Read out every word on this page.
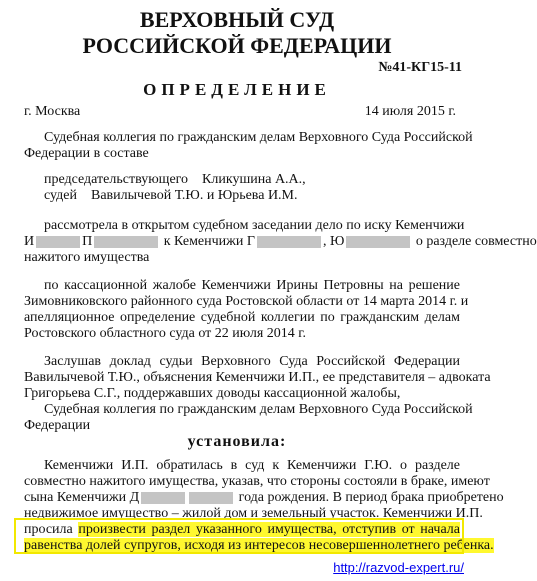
ВЕРХОВНЫЙ СУД
РОССИЙСКОЙ ФЕДЕРАЦИИ
№41-КГ15-11
ОПРЕДЕЛЕНИЕ
г. Москва	14 июля 2015 г.
Судебная коллегия по гражданским делам Верховного Суда Российской
Федерации в составе
председательствующего    Кликушина А.А.,
судей    Вавилычевой Т.Ю. и Юрьева И.М.
рассмотрела в открытом судебном заседании дело по иску Кеменчижи
И	П	к Кеменчижи Г	, Ю	о разделе совместно
нажитого имущества
по кассационной жалобе Кеменчижи Ирины Петровны на решение
Зимовниковского районного суда Ростовской области от 14 марта 2014 г. и
апелляционное определение судебной коллегии по гражданским делам
Ростовского областного суда от 22 июля 2014 г.
Заслушав доклад судьи Верховного Суда Российской Федерации
Вавилычевой Т.Ю., объяснения Кеменчижи И.П., ее представителя – адвоката
Григорьева С.Г., поддержавших доводы кассационной жалобы,
Судебная коллегия по гражданским делам Верховного Суда Российской
Федерации
установила:
Кеменчижи И.П. обратилась в суд к Кеменчижи Г.Ю. о разделе
совместно нажитого имущества, указав, что стороны состояли в браке, имеют
сына Кеменчижи Д	года рождения. В период брака приобретено
недвижимое имущество – жилой дом и земельный участок. Кеменчижи И.П.
просила произвести раздел указанного имущества, отступив от начала
равенства долей супругов, исходя из интересов несовершеннолетнего ребенка.
http://razvod-expert.ru/
